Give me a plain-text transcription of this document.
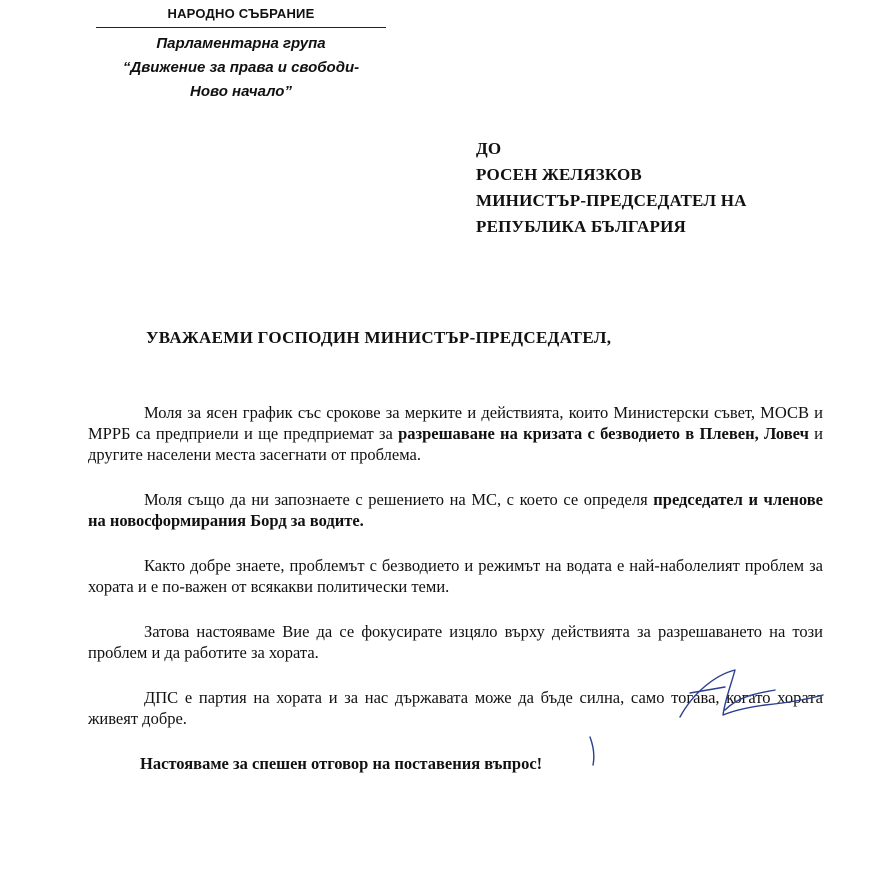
НАРОДНО СЪБРАНИЕ
Парламентарна група
“Движение за права и свободи-
Ново начало”
ДО
РОСЕН ЖЕЛЯЗКОВ
МИНИСТЪР-ПРЕДСЕДАТЕЛ НА
РЕПУБЛИКА БЪЛГАРИЯ
УВАЖАЕМИ ГОСПОДИН МИНИСТЪР-ПРЕДСЕДАТЕЛ,

Моля за ясен график със срокове за мерките и действията, които Министерски съвет, МОСВ и МРРБ са предприели и ще предприемат за разрешаване на кризата с безводието в Плевен, Ловеч и другите населени места засегнати от проблема.

Моля също да ни запознаете с решението на МС, с което се определя председател и членове на новосформирания Борд за водите.

Както добре знаете, проблемът с безводието и режимът на водата е най-наболелият проблем за хората и е по-важен от всякакви политически теми.

Затова настояваме Вие да се фокусирате изцяло върху действията за разрешаването на този проблем и да работите за хората.

ДПС е партия на хората и за нас държавата може да бъде силна, само тогава, когато хората живеят добре.

Настояваме за спешен отговор на поставения въпрос!
